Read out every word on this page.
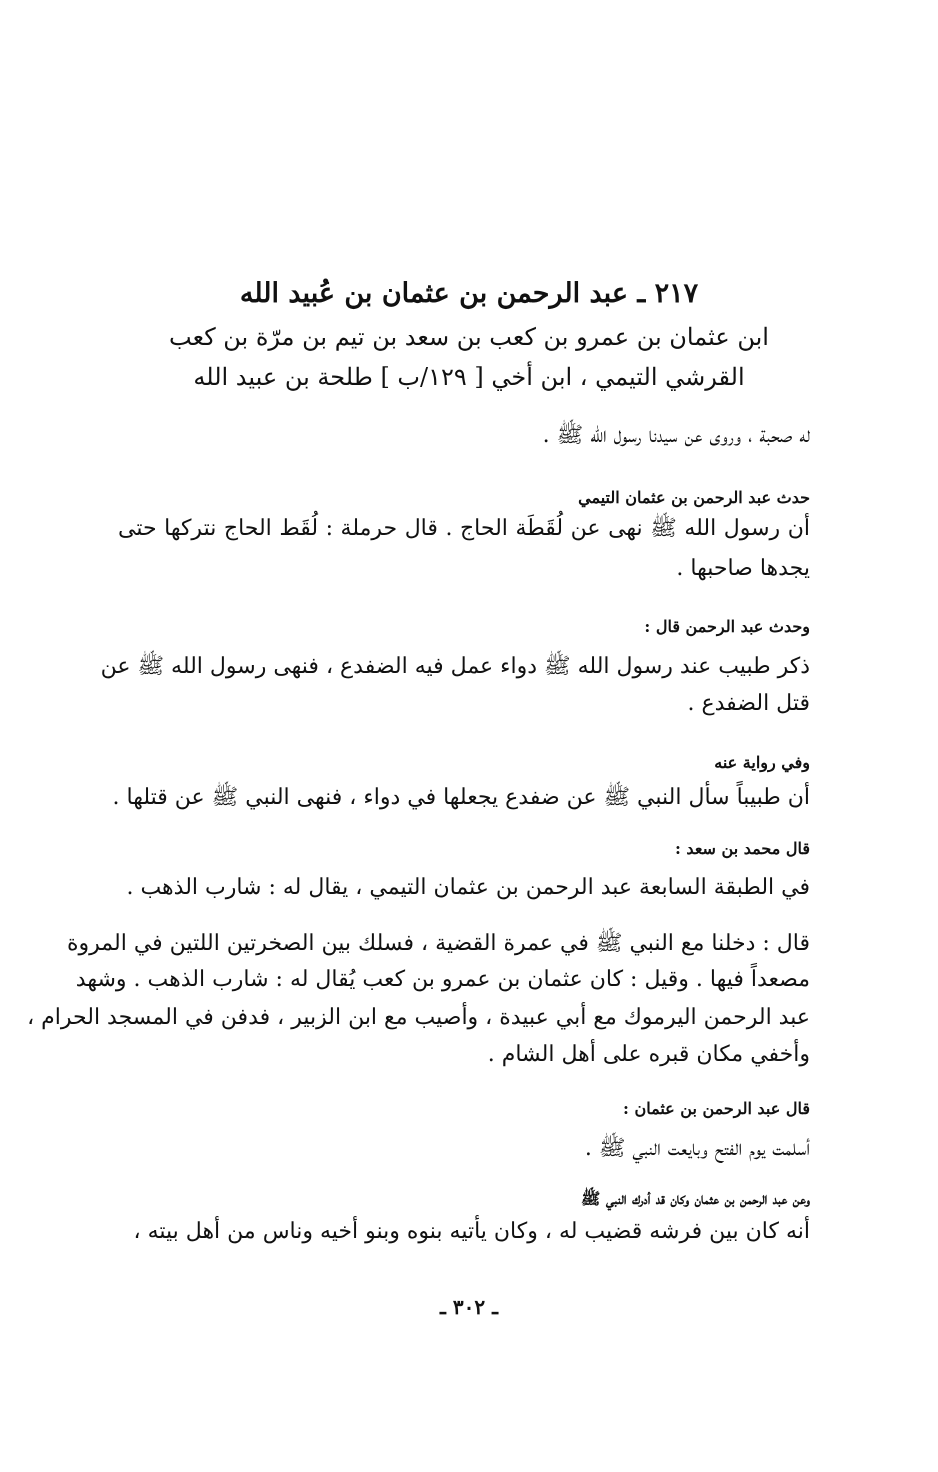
٢١٧ ـ عبد الرحمن بن عثمان بن عُبيد الله
ابن عثمان بن عمرو بن كعب بن سعد بن تيم بن مرّة بن كعب
القرشي التيمي ، ابن أخي [ ١٢٩/ب ] طلحة بن عبيد الله
له صحبة ، وروى عن سيدنا رسول الله ﷺ .
حدث عبد الرحمن بن عثمان التيمي
أن رسول الله ﷺ نهى عن لُقَطَة الحاج . قال حرملة : لُقَط الحاج نتركها حتى
يجدها صاحبها .
وحدث عبد الرحمن قال :
ذكر طبيب عند رسول الله ﷺ دواء عمل فيه الضفدع ، فنهى رسول الله ﷺ عن
قتل الضفدع .
وفي رواية عنه
أن طبيباً سأل النبي ﷺ عن ضفدع يجعلها في دواء ، فنهى النبي ﷺ عن قتلها .
قال محمد بن سعد :
في الطبقة السابعة عبد الرحمن بن عثمان التيمي ، يقال له : شارب الذهب .
قال : دخلنا مع النبي ﷺ في عمرة القضية ، فسلك بين الصخرتين اللتين في المروة
مصعداً فيها . وقيل : كان عثمان بن عمرو بن كعب يُقال له : شارب الذهب . وشهد
عبد الرحمن اليرموك مع أبي عبيدة ، وأصيب مع ابن الزبير ، فدفن في المسجد الحرام ،
وأخفي مكان قبره على أهل الشام .
قال عبد الرحمن بن عثمان :
أسلمت يوم الفتح وبايعت النبي ﷺ .
وعن عبد الرحمن بن عثمان وكان قد أدرك النبي ﷺ
أنه كان بين فرشه قضيب له ، وكان يأتيه بنوه وبنو أخيه وناس من أهل بيته ،
ـ ٣٠٢ ـ
